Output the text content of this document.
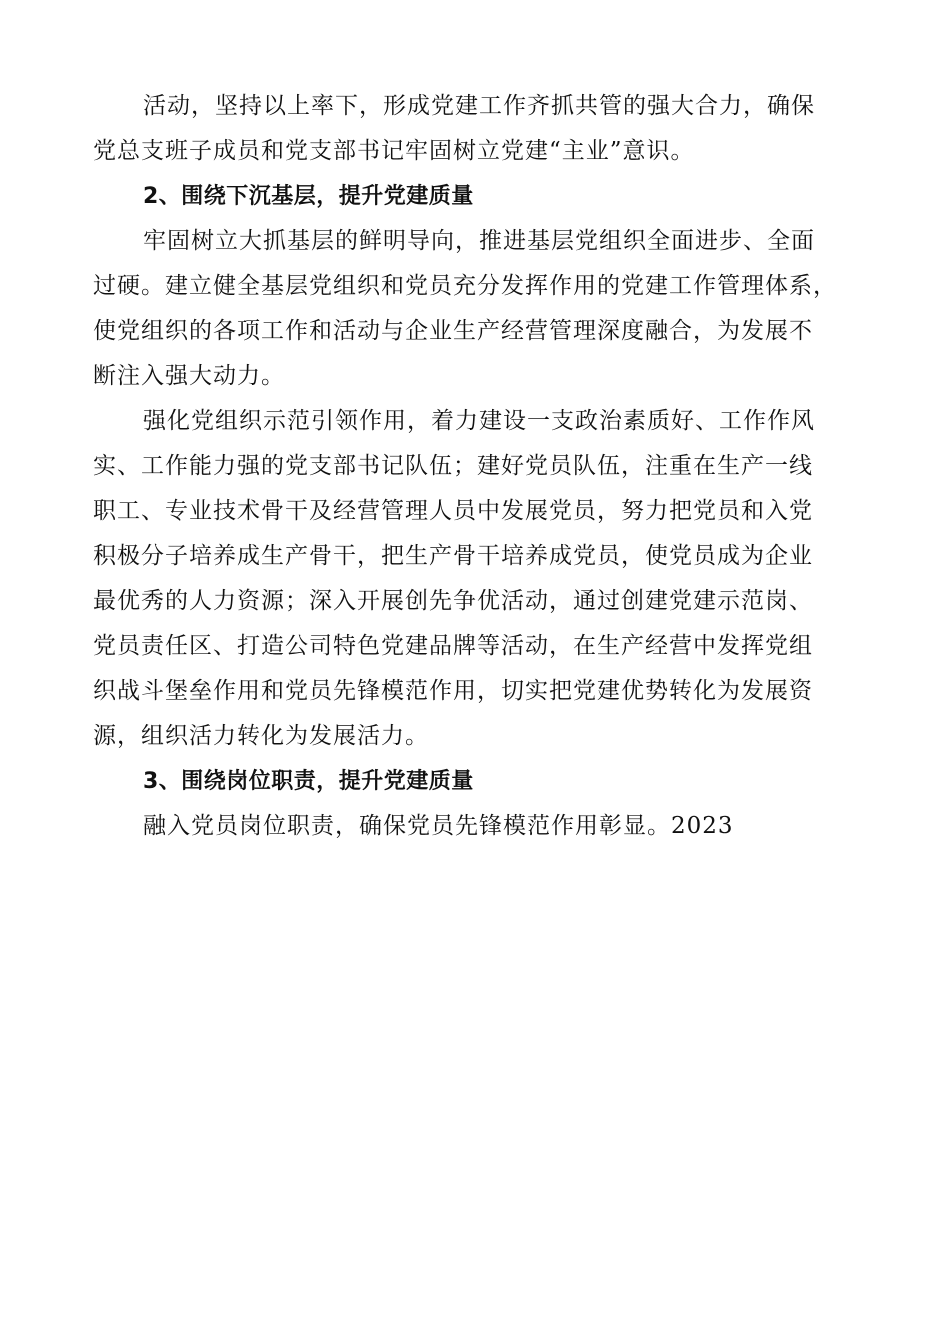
活动，坚持以上率下，形成党建工作齐抓共管的强大合力，确保
党总支班子成员和党支部书记牢固树立党建“主业”意识。
2、围绕下沉基层，提升党建质量
牢固树立大抓基层的鲜明导向，推进基层党组织全面进步、全面
过硬。建立健全基层党组织和党员充分发挥作用的党建工作管理体系，
使党组织的各项工作和活动与企业生产经营管理深度融合，为发展不
断注入强大动力。
强化党组织示范引领作用，着力建设一支政治素质好、工作作风
实、工作能力强的党支部书记队伍；建好党员队伍，注重在生产一线
职工、专业技术骨干及经营管理人员中发展党员，努力把党员和入党
积极分子培养成生产骨干，把生产骨干培养成党员，使党员成为企业
最优秀的人力资源；深入开展创先争优活动，通过创建党建示范岗、
党员责任区、打造公司特色党建品牌等活动，在生产经营中发挥党组
织战斗堡垒作用和党员先锋模范作用，切实把党建优势转化为发展资
源，组织活力转化为发展活力。
3、围绕岗位职责，提升党建质量
融入党员岗位职责，确保党员先锋模范作用彰显。2023
